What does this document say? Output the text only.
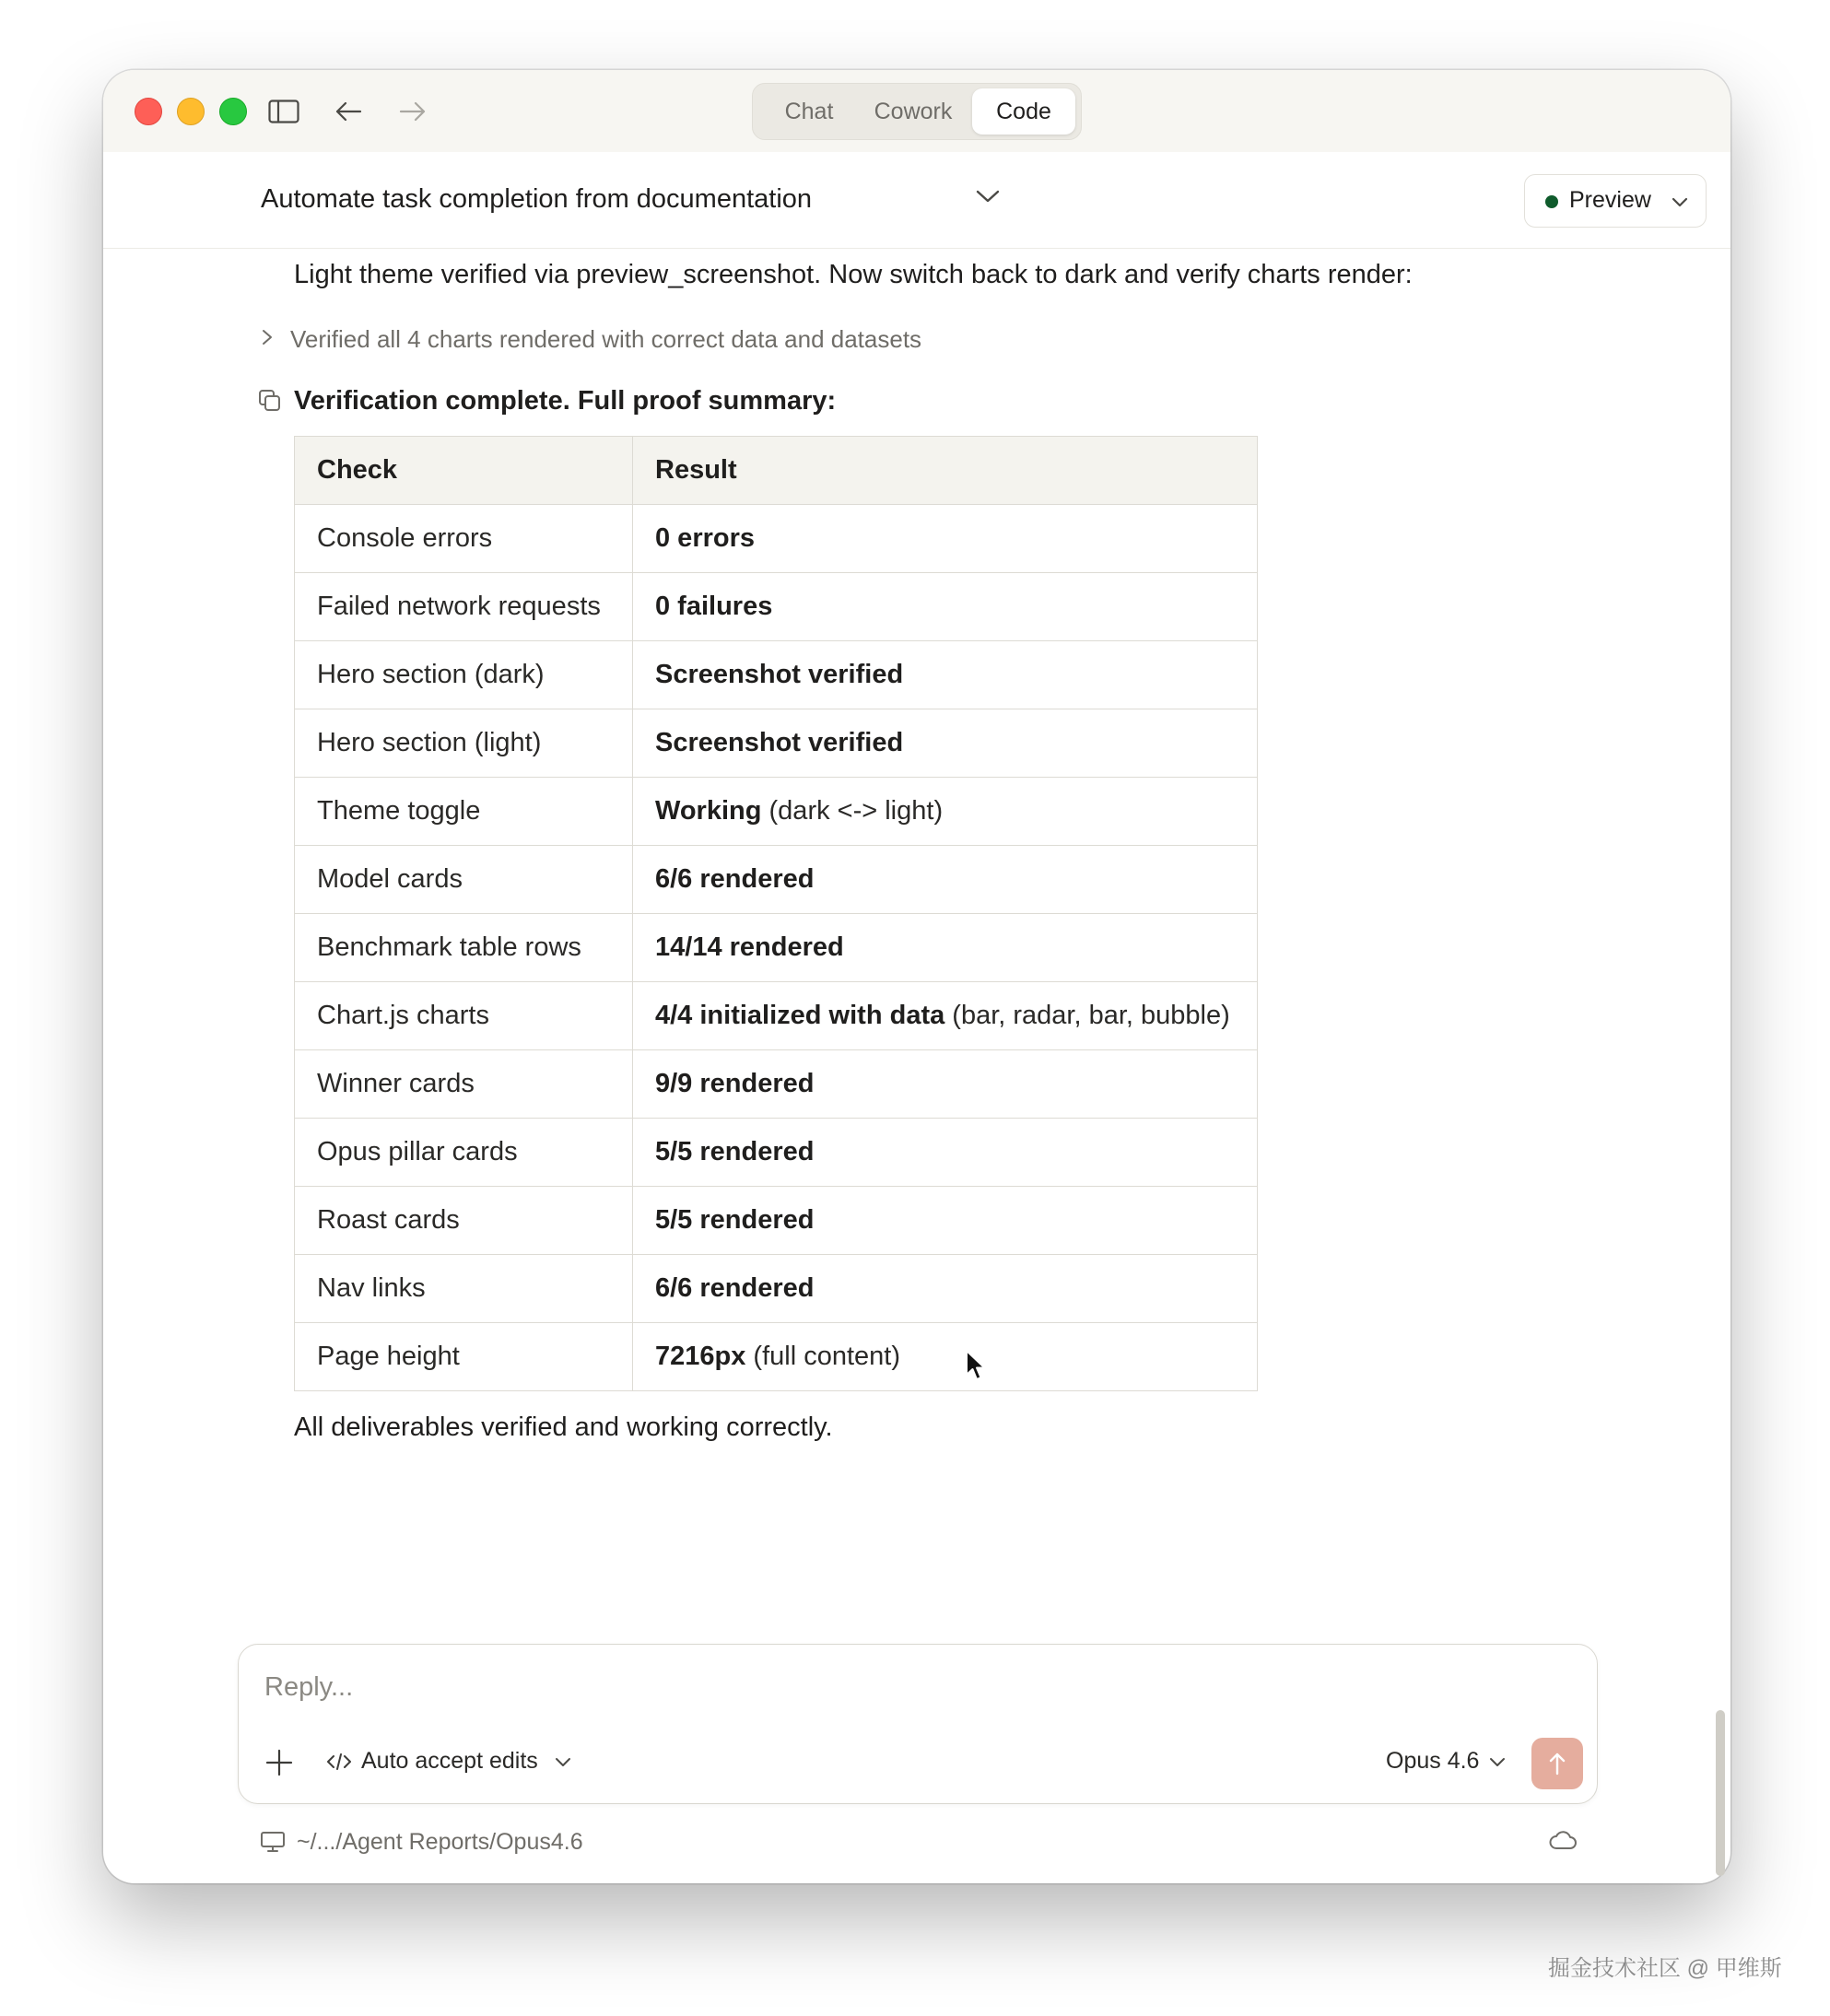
Chat	Cowork	Code
Automate task completion from documentation	Preview
Light theme verified via preview_screenshot. Now switch back to dark and verify charts render:
Verified all 4 charts rendered with correct data and datasets
Verification complete. Full proof summary:
Check	Result
Console errors	0 errors
Failed network requests	0 failures
Hero section (dark)	Screenshot verified
Hero section (light)	Screenshot verified
Theme toggle	Working (dark <-> light)
Model cards	6/6 rendered
Benchmark table rows	14/14 rendered
Chart.js charts	4/4 initialized with data (bar, radar, bar, bubble)
Winner cards	9/9 rendered
Opus pillar cards	5/5 rendered
Roast cards	5/5 rendered
Nav links	6/6 rendered
Page height	7216px (full content)
All deliverables verified and working correctly.
Reply...
Auto accept edits	Opus 4.6
~/.../Agent Reports/Opus4.6
掘金技术社区 @ 甲维斯
